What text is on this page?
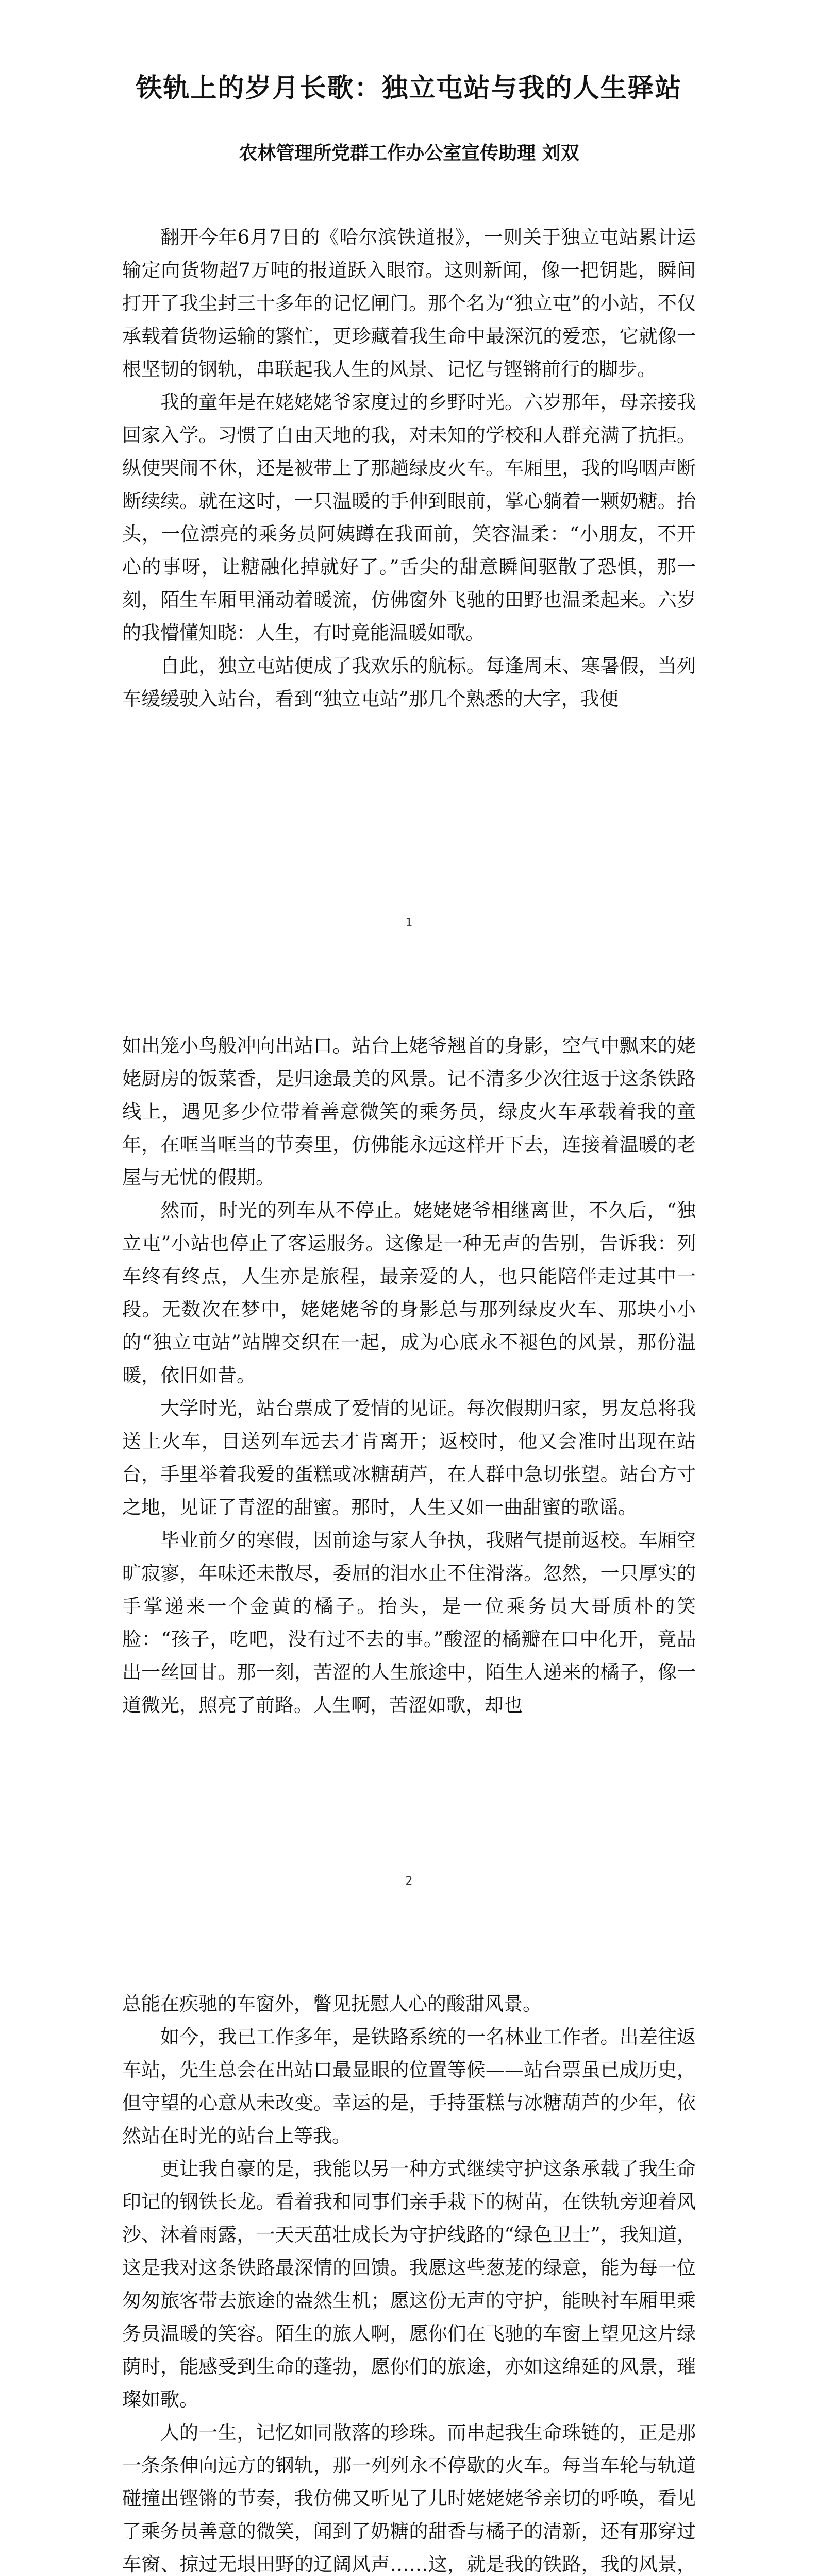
铁轨上的岁月长歌：独立屯站与我的人生驿站

农林管理所党群工作办公室宣传助理 刘双

翻开今年6月7日的《哈尔滨铁道报》，一则关于独立屯站累计运输定向货物超7万吨的报道跃入眼帘。这则新闻，像一把钥匙，瞬间打开了我尘封三十多年的记忆闸门。那个名为“独立屯”的小站，不仅承载着货物运输的繁忙，更珍藏着我生命中最深沉的爱恋，它就像一根坚韧的钢轨，串联起我人生的风景、记忆与铿锵前行的脚步。

我的童年是在姥姥姥爷家度过的乡野时光。六岁那年，母亲接我回家入学。习惯了自由天地的我，对未知的学校和人群充满了抗拒。纵使哭闹不休，还是被带上了那趟绿皮火车。车厢里，我的呜咽声断断续续。就在这时，一只温暖的手伸到眼前，掌心躺着一颗奶糖。抬头，一位漂亮的乘务员阿姨蹲在我面前，笑容温柔：“小朋友，不开心的事呀，让糖融化掉就好了。”舌尖的甜意瞬间驱散了恐惧，那一刻，陌生车厢里涌动着暖流，仿佛窗外飞驰的田野也温柔起来。六岁的我懵懂知晓：人生，有时竟能温暖如歌。

自此，独立屯站便成了我欢乐的航标。每逢周末、寒暑假，当列车缓缓驶入站台，看到“独立屯站”那几个熟悉的大字，我便

1

如出笼小鸟般冲向出站口。站台上姥爷翘首的身影，空气中飘来的姥姥厨房的饭菜香，是归途最美的风景。记不清多少次往返于这条铁路线上，遇见多少位带着善意微笑的乘务员，绿皮火车承载着我的童年，在哐当哐当的节奏里，仿佛能永远这样开下去，连接着温暖的老屋与无忧的假期。

然而，时光的列车从不停止。姥姥姥爷相继离世，不久后，“独立屯”小站也停止了客运服务。这像是一种无声的告别，告诉我：列车终有终点，人生亦是旅程，最亲爱的人，也只能陪伴走过其中一段。无数次在梦中，姥姥姥爷的身影总与那列绿皮火车、那块小小的“独立屯站”站牌交织在一起，成为心底永不褪色的风景，那份温暖，依旧如昔。

大学时光，站台票成了爱情的见证。每次假期归家，男友总将我送上火车，目送列车远去才肯离开；返校时，他又会准时出现在站台，手里举着我爱的蛋糕或冰糖葫芦，在人群中急切张望。站台方寸之地，见证了青涩的甜蜜。那时，人生又如一曲甜蜜的歌谣。

毕业前夕的寒假，因前途与家人争执，我赌气提前返校。车厢空旷寂寥，年味还未散尽，委屈的泪水止不住滑落。忽然，一只厚实的手掌递来一个金黄的橘子。抬头，是一位乘务员大哥质朴的笑脸：“孩子，吃吧，没有过不去的事。”酸涩的橘瓣在口中化开，竟品出一丝回甘。那一刻，苦涩的人生旅途中，陌生人递来的橘子，像一道微光，照亮了前路。人生啊，苦涩如歌，却也

2

总能在疾驰的车窗外，瞥见抚慰人心的酸甜风景。

如今，我已工作多年，是铁路系统的一名林业工作者。出差往返车站，先生总会在出站口最显眼的位置等候——站台票虽已成历史，但守望的心意从未改变。幸运的是，手持蛋糕与冰糖葫芦的少年，依然站在时光的站台上等我。

更让我自豪的是，我能以另一种方式继续守护这条承载了我生命印记的钢铁长龙。看着我和同事们亲手栽下的树苗，在铁轨旁迎着风沙、沐着雨露，一天天茁壮成长为守护线路的“绿色卫士”，我知道，这是我对这条铁路最深情的回馈。我愿这些葱茏的绿意，能为每一位匆匆旅客带去旅途的盎然生机；愿这份无声的守护，能映衬车厢里乘务员温暖的笑容。陌生的旅人啊，愿你们在飞驰的车窗上望见这片绿荫时，能感受到生命的蓬勃，愿你们的旅途，亦如这绵延的风景，璀璨如歌。

人的一生，记忆如同散落的珍珠。而串起我生命珠链的，正是那一条条伸向远方的钢轨，那一列列永不停歇的火车。每当车轮与轨道碰撞出铿锵的节奏，我仿佛又听见了儿时姥姥姥爷亲切的呼唤，看见了乘务员善意的微笑，闻到了奶糖的甜香与橘子的清新，还有那穿过车窗、掠过无垠田野的辽阔风声……这，就是我的铁路，我的风景，
